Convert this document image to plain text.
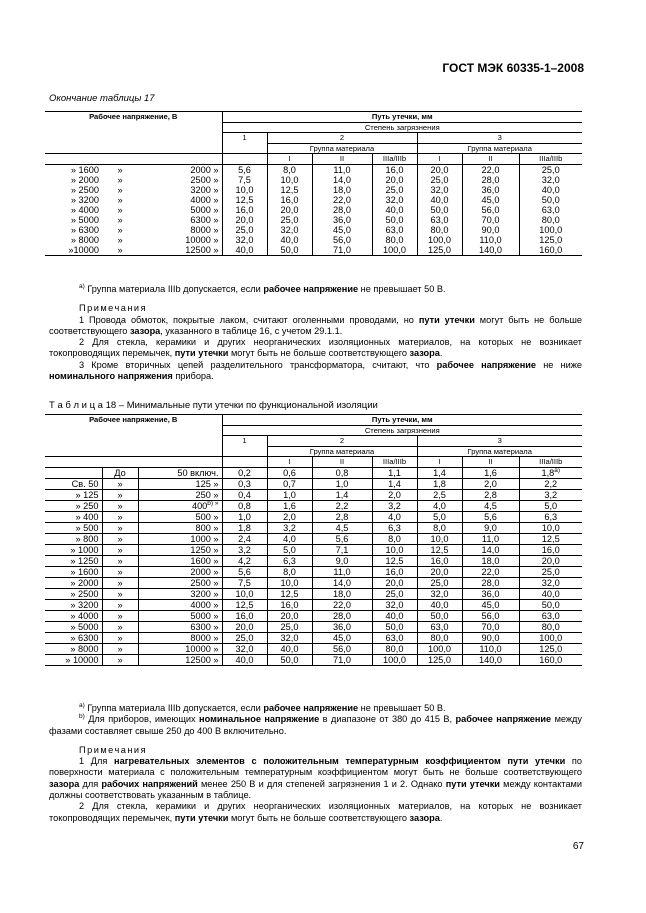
ГОСТ МЭК 60335-1–2008
Окончание таблицы 17
Рабочее напряжение, В			Путь утечки, мм						
			Степень загрязнения						
			1	2			3		
				Группа материала			Группа материала		
				I	II	IIIa/IIIb	I	II	IIIa/IIIb
» 1600	»	2000 »	5,6	8,0	11,0	16,0	20,0	22,0	25,0
» 2000	»	2500 »	7,5	10,0	14,0	20,0	25,0	28,0	32,0
» 2500	»	3200 »	10,0	12,5	18,0	25,0	32,0	36,0	40,0
» 3200	»	4000 »	12,5	16,0	22,0	32,0	40,0	45,0	50,0
» 4000	»	5000 »	16,0	20,0	28,0	40,0	50,0	56,0	63,0
» 5000	»	6300 »	20,0	25,0	36,0	50,0	63,0	70,0	80,0
» 6300	»	8000 »	25,0	32,0	45,0	63,0	80,0	90,0	100,0
» 8000	»	10000 »	32,0	40,0	56,0	80,0	100,0	110,0	125,0
»10000	»	12500 »	40,0	50,0	71,0	100,0	125,0	140,0	160,0

$^{a)}$ Группа материала IIIb допускается, если рабочее напряжение не превышает 50 В.

Примечания

1 Провода обмоток, покрытые лаком, считают оголенными проводами, но пути утечки могут быть не больше соответствующего зазора, указанного в таблице 16, с учетом 29.1.1.

2 Для стекла, керамики и других неорганических изоляционных материалов, на которых не возникает токопроводящих перемычек, пути утечки могут быть не больше соответствующего зазора.

3 Кроме вторичных цепей разделительного трансформатора, считают, что рабочее напряжение не ниже номинального напряжения прибора.

Т а б л и ц а 18 – Минимальные пути утечки по функциональной изоляции
Рабочее напряжение, В			Путь утечки, мм						
			Степень загрязнения						
			1	2			3		
				Группа материала			Группа материала		
				I	II	IIIa/IIIb	I	II	IIIa/IIIb
	До	50 включ.	0,2	0,6	0,8	1,1	1,4	1,6	1,8$^{a)}$
Св. 50	»	125 »	0,3	0,7	1,0	1,4	1,8	2,0	2,2
» 125	»	250 »	0,4	1,0	1,4	2,0	2,5	2,8	3,2
» 250	»	$400^{b) »}$	0,8	1,6	2,2	3,2	4,0	4,5	5,0
» 400	»	500 »	1,0	2,0	2,8	4,0	5,0	5,6	6,3
» 500	»	800 »	1,8	3,2	4,5	6,3	8,0	9,0	10,0
» 800	»	1000 »	2,4	4,0	5,6	8,0	10,0	11,0	12,5
» 1000	»	1250 »	3,2	5,0	7,1	10,0	12,5	14,0	16,0
» 1250	»	1600 »	4,2	6,3	9,0	12,5	16,0	18,0	20,0
» 1600	»	2000 »	5,6	8,0	11,0	16,0	20,0	22,0	25,0
» 2000	»	2500 »	7,5	10,0	14,0	20,0	25,0	28,0	32,0
» 2500	»	3200 »	10,0	12,5	18,0	25,0	32,0	36,0	40,0
» 3200	»	4000 »	12,5	16,0	22,0	32,0	40,0	45,0	50,0
» 4000	»	5000 »	16,0	20,0	28,0	40,0	50,0	56,0	63,0
» 5000	»	6300 »	20,0	25,0	36,0	50,0	63,0	70,0	80,0
» 6300	»	8000 »	25,0	32,0	45,0	63,0	80,0	90,0	100,0
» 8000	»	10000 »	32,0	40,0	56,0	80,0	100,0	110,0	125,0
» 10000	»	12500 »	40,0	50,0	71,0	100,0	125,0	140,0	160,0

$^{a)}$ Группа материала IIIb допускается, если рабочее напряжение не превышает 50 В.

$^{b)}$ Для приборов, имеющих номинальное напряжение в диапазоне от 380 до 415 В, рабочее напряжение между фазами составляет свыше 250 до 400 В включительно.

Примечания

1 Для нагревательных элементов с положительным температурным коэффициентом пути утечки по поверхности материала с положительным температурным коэффициентом могут быть не больше соответствующего зазора для рабочих напряжений менее 250 В и для степеней загрязнения 1 и 2. Однако пути утечки между контактами должны соответствовать указанным в таблице.

2 Для стекла, керамики и других неорганических изоляционных материалов, на которых не возникает токопроводящих перемычек, пути утечки могут быть не больше соответствующего зазора.

67
